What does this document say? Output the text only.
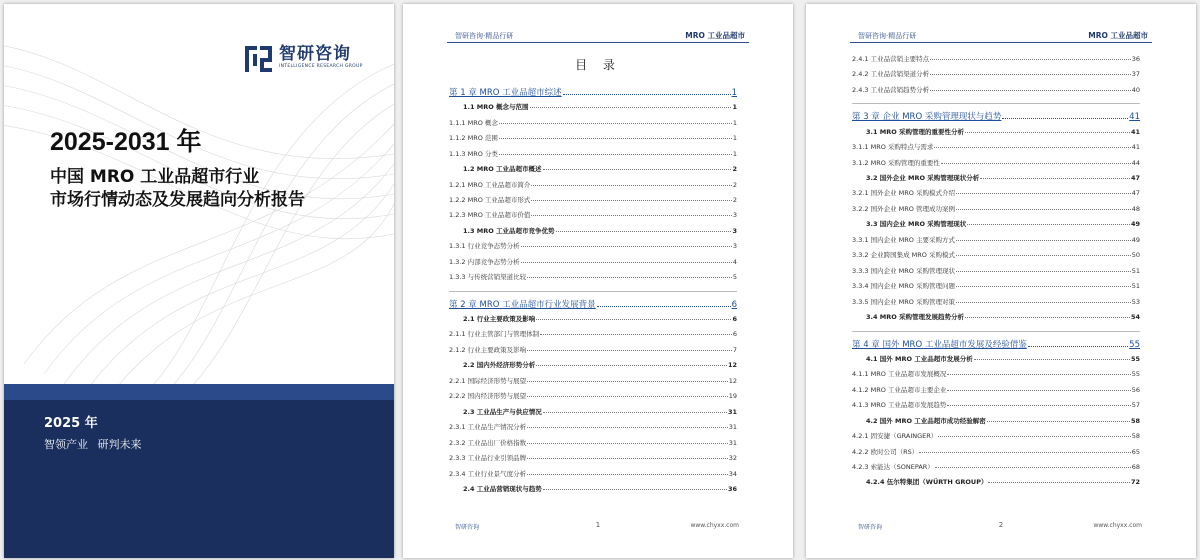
智研咨询
INTELLIGENCE RESEARCH GROUP
2025-2031 年
中国 MRO 工业品超市行业
市场行情动态及发展趋向分析报告
2025 年
智领产业 研判未来
智研咨询·精品行研	MRO 工业品超市
目 录
第 1 章 MRO 工业品超市综述	1
1.1 MRO 概念与范围	1
1.1.1 MRO 概念	1
1.1.2 MRO 范围	1
1.1.3 MRO 分类	1
1.2 MRO 工业品超市概述	2
1.2.1 MRO 工业品超市简介	2
1.2.2 MRO 工业品超市形式	2
1.2.3 MRO 工业品超市价值	3
1.3 MRO 工业品超市竞争优势	3
1.3.1 行业竞争态势分析	3
1.3.2 内部竞争态势分析	4
1.3.3 与传统营销渠道比较	5
第 2 章 MRO 工业品超市行业发展背景	6
2.1 行业主要政策及影响	6
2.1.1 行业主管部门与管理体制	6
2.1.2 行业主要政策及影响	7
2.2 国内外经济形势分析	12
2.2.1 国际经济形势与展望	12
2.2.2 国内经济形势与展望	19
2.3 工业品生产与供应情况	31
2.3.1 工业品生产情况分析	31
2.3.2 工业品出厂价格指数	31
2.3.3 工业品行业引领品牌	32
2.3.4 工业行业景气度分析	34
2.4 工业品营销现状与趋势	36
智研咨询	1	www.chyxx.com
智研咨询·精品行研	MRO 工业品超市
2.4.1 工业品营销主要特点	36
2.4.2 工业品营销渠道分析	37
2.4.3 工业品营销趋势分析	40
第 3 章 企业 MRO 采购管理现状与趋势	41
3.1 MRO 采购管理的重要性分析	41
3.1.1 MRO 采购特点与需求	41
3.1.2 MRO 采购管理的重要性	44
3.2 国外企业 MRO 采购管理现状分析	47
3.2.1 国外企业 MRO 采购模式介绍	47
3.2.2 国外企业 MRO 管理成功案例	48
3.3 国内企业 MRO 采购管理现状	49
3.3.1 国内企业 MRO 主要采购方式	49
3.3.2 企业跨国集成 MRO 采购模式	50
3.3.3 国内企业 MRO 采购管理现状	51
3.3.4 国内企业 MRO 采购管理问题	51
3.3.5 国内企业 MRO 采购管理对策	53
3.4 MRO 采购管理发展趋势分析	54
第 4 章 国外 MRO 工业品超市发展及经验借鉴	55
4.1 国外 MRO 工业品超市发展分析	55
4.1.1 MRO 工业品超市发展概况	55
4.1.2 MRO 工业品超市主要企业	56
4.1.3 MRO 工业品超市发展趋势	57
4.2 国外 MRO 工业品超市成功经验解密	58
4.2.1 固安捷（GRAINGER）	58
4.2.2 欧时公司（RS）	65
4.2.3 索能达（SONEPAR）	68
4.2.4 伍尔特集团（WÜRTH GROUP）	72
智研咨询	2	www.chyxx.com
